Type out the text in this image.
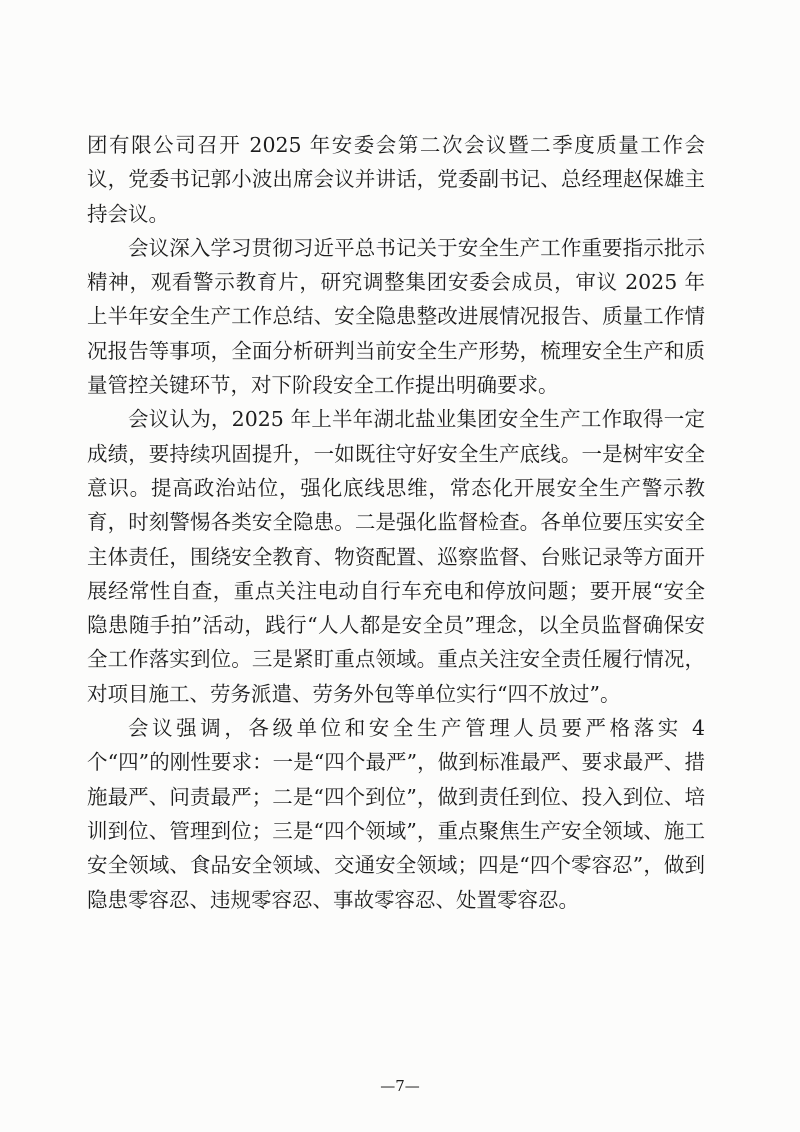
团有限公司召开 2025 年安委会第二次会议暨二季度质量工作会议，党委书记郭小波出席会议并讲话，党委副书记、总经理赵保雄主持会议。

会议深入学习贯彻习近平总书记关于安全生产工作重要指示批示精神，观看警示教育片，研究调整集团安委会成员，审议 2025 年上半年安全生产工作总结、安全隐患整改进展情况报告、质量工作情况报告等事项，全面分析研判当前安全生产形势，梳理安全生产和质量管控关键环节，对下阶段安全工作提出明确要求。

会议认为，2025 年上半年湖北盐业集团安全生产工作取得一定成绩，要持续巩固提升，一如既往守好安全生产底线。一是树牢安全意识。提高政治站位，强化底线思维，常态化开展安全生产警示教育，时刻警惕各类安全隐患。二是强化监督检查。各单位要压实安全主体责任，围绕安全教育、物资配置、巡察监督、台账记录等方面开展经常性自查，重点关注电动自行车充电和停放问题；要开展“安全隐患随手拍”活动，践行“人人都是安全员”理念，以全员监督确保安全工作落实到位。三是紧盯重点领域。重点关注安全责任履行情况，对项目施工、劳务派遣、劳务外包等单位实行“四不放过”。

会议强调，各级单位和安全生产管理人员要严格落实 4 个“四”的刚性要求：一是“四个最严”，做到标准最严、要求最严、措施最严、问责最严；二是“四个到位”，做到责任到位、投入到位、培训到位、管理到位；三是“四个领域”，重点聚焦生产安全领域、施工安全领域、食品安全领域、交通安全领域；四是“四个零容忍”，做到隐患零容忍、违规零容忍、事故零容忍、处置零容忍。

—7—
